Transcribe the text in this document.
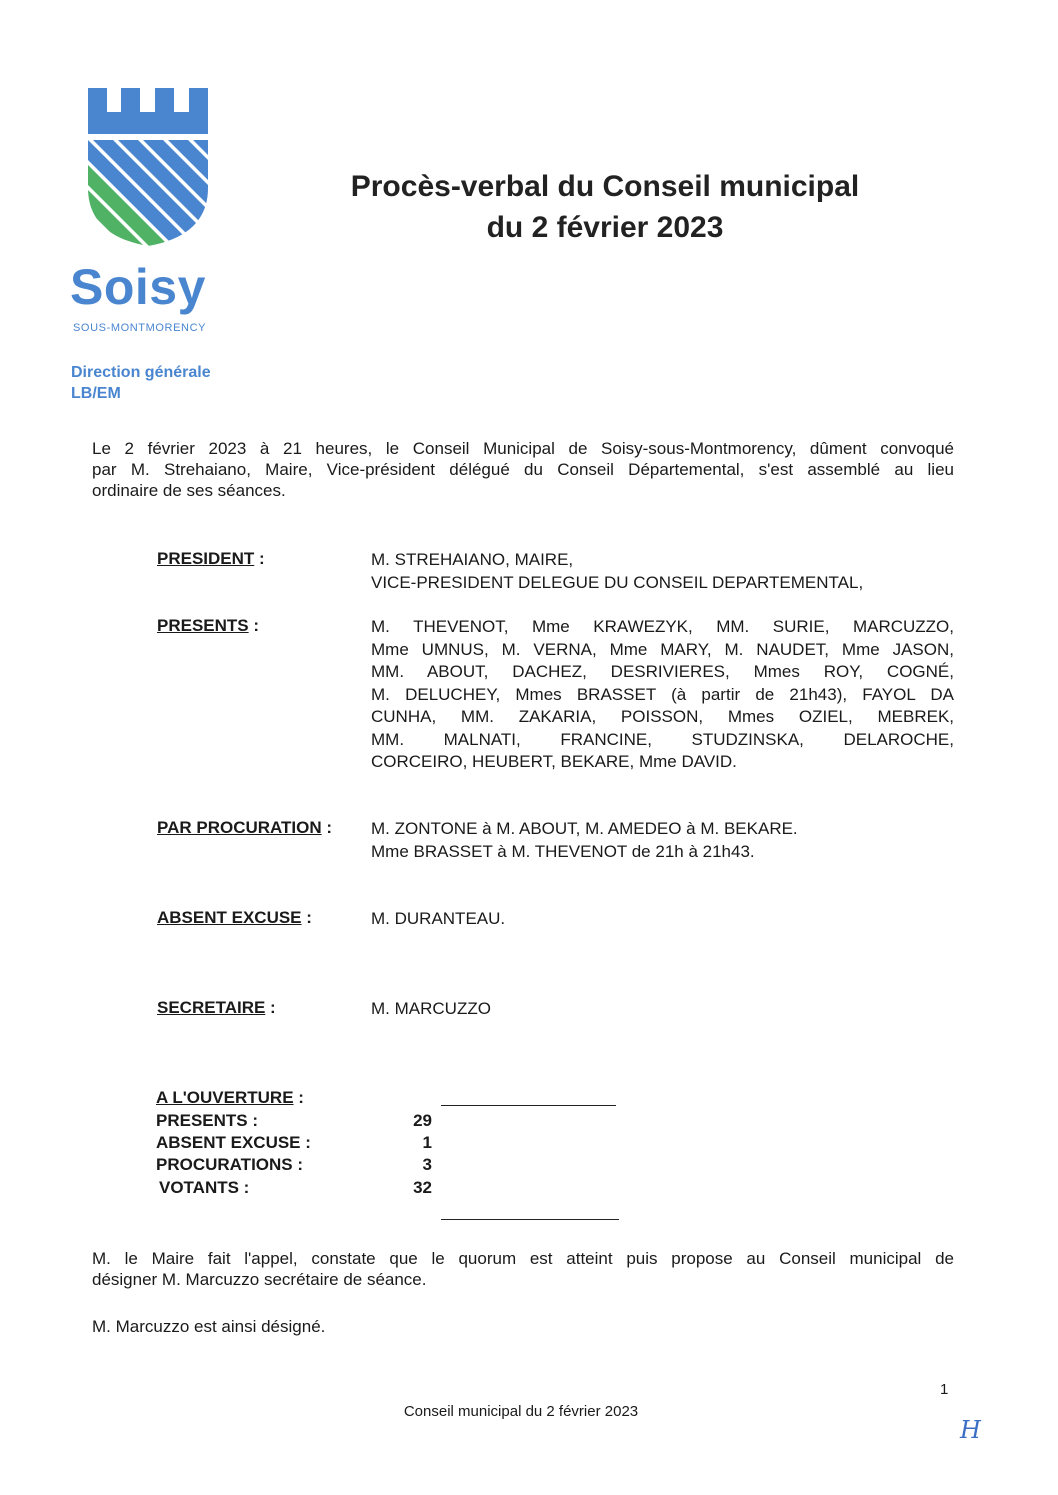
Soisy
SOUS-MONTMORENCY
Direction générale
LB/EM
Procès-verbal du Conseil municipal
du 2 février 2023
Le 2 février 2023 à 21 heures, le Conseil Municipal de Soisy-sous-Montmorency, dûment convoqué
par M. Strehaiano, Maire, Vice-président délégué du Conseil Départemental, s'est assemblé au lieu
ordinaire de ses séances.
PRESIDENT :	M. STREHAIANO, MAIRE,
VICE-PRESIDENT DELEGUE DU CONSEIL DEPARTEMENTAL,
PRESENTS :	M. THEVENOT, Mme KRAWEZYK, MM. SURIE, MARCUZZO,
Mme UMNUS, M. VERNA, Mme MARY, M. NAUDET, Mme JASON,
MM. ABOUT, DACHEZ, DESRIVIERES, Mmes ROY, COGNÉ,
M. DELUCHEY, Mmes BRASSET (à partir de 21h43), FAYOL DA
CUNHA, MM. ZAKARIA, POISSON, Mmes OZIEL, MEBREK,
MM. MALNATI, FRANCINE, STUDZINSKA, DELAROCHE,
CORCEIRO, HEUBERT, BEKARE, Mme DAVID.
PAR PROCURATION : M. ZONTONE à M. ABOUT, M. AMEDEO à M. BEKARE.
Mme BRASSET à M. THEVENOT de 21h à 21h43.
ABSENT EXCUSE :	M. DURANTEAU.
SECRETAIRE :	M. MARCUZZO
A L'OUVERTURE :
PRESENTS :	29
ABSENT EXCUSE :	1
PROCURATIONS :	3
VOTANTS :	32
M. le Maire fait l'appel, constate que le quorum est atteint puis propose au Conseil municipal de
désigner M. Marcuzzo secrétaire de séance.
M. Marcuzzo est ainsi désigné.
1
Conseil municipal du 2 février 2023
H
